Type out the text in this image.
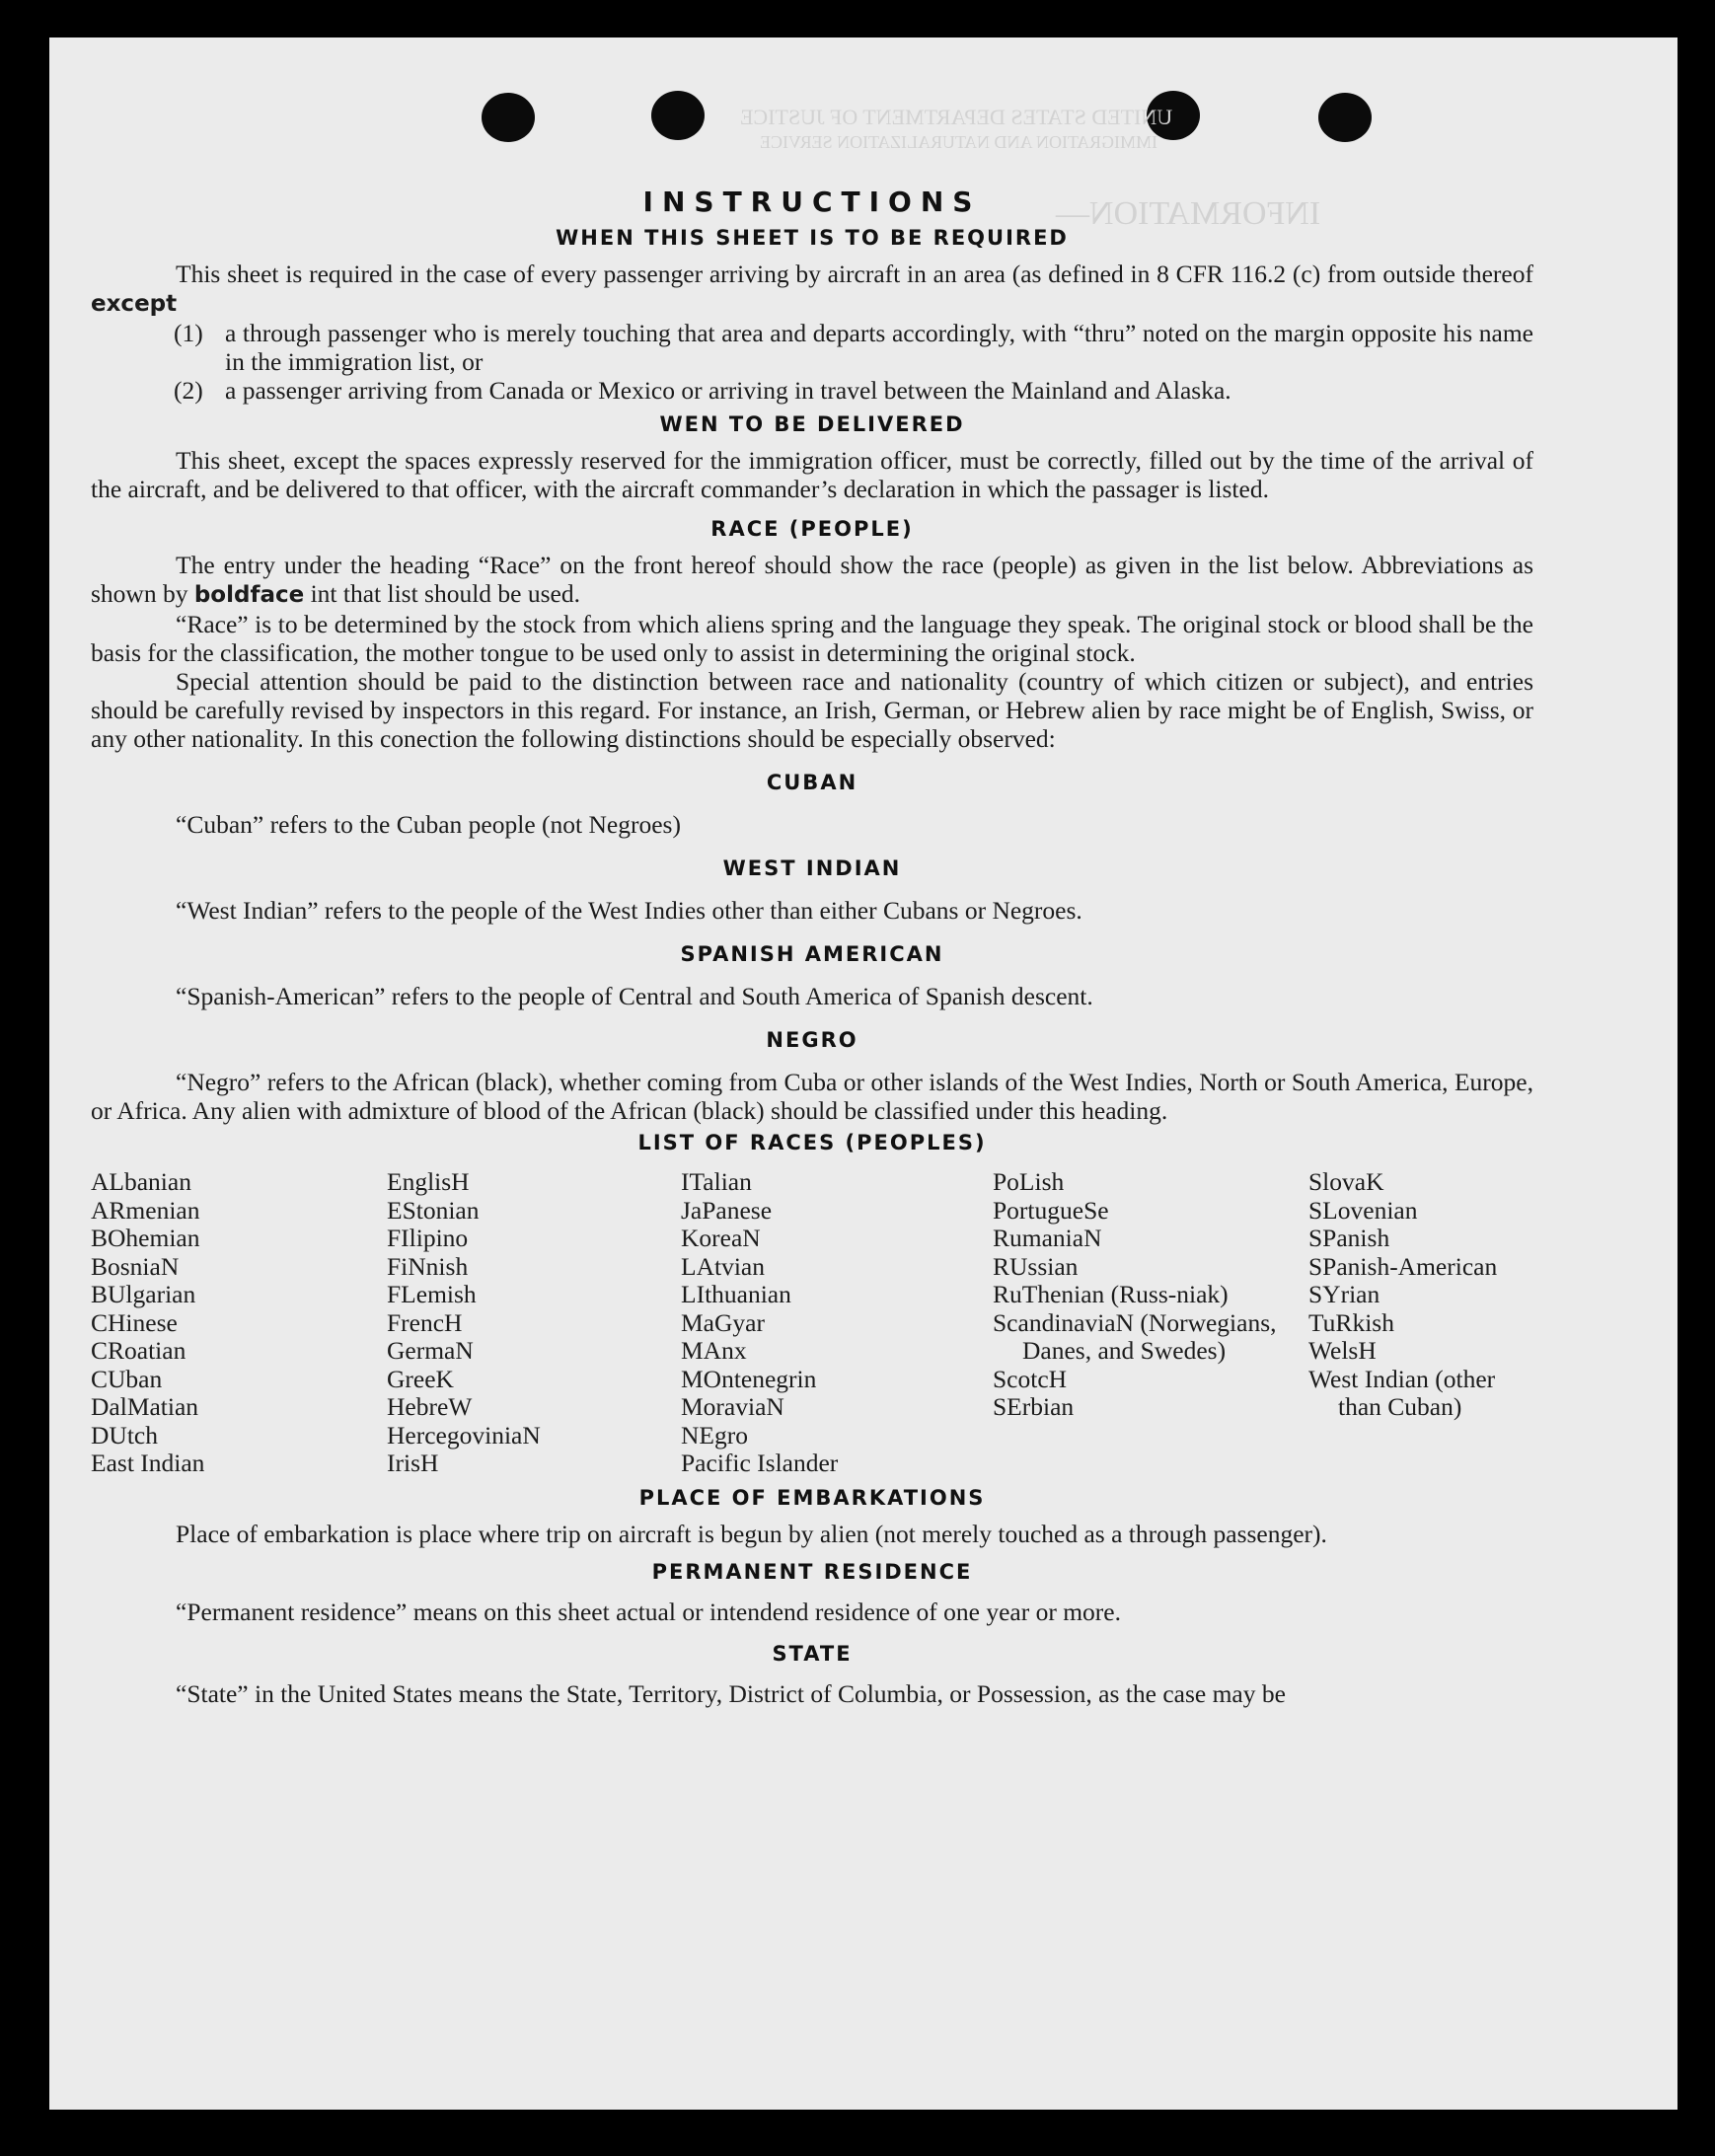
UNITED STATES DEPARTMENT OF JUSTICE
IMMIGRATION AND NATURALIZATION SERVICE
INFORMATION—
INSTRUCTIONS
WHEN THIS SHEET IS TO BE REQUIRED

This sheet is required in the case of every passenger arriving by aircraft in an area (as defined in 8 CFR 116.2 (c) from outside thereof except

(1) a through passenger who is merely touching that area and departs accordingly, with “thru” noted on the margin opposite his name in the immigration list, or
(2) a passenger arriving from Canada or Mexico or arriving in travel between the Mainland and Alaska.
WEN TO BE DELIVERED

This sheet, except the spaces expressly reserved for the immigration officer, must be correctly, filled out by the time of the arrival of the aircraft, and be delivered to that officer, with the aircraft commander’s declaration in which the passager is listed.

RACE (PEOPLE)

The entry under the heading “Race” on the front hereof should show the race (people) as given in the list below. Abbreviations as shown by boldface int that list should be used.

“Race” is to be determined by the stock from which aliens spring and the language they speak. The original stock or blood shall be the basis for the classification, the mother tongue to be used only to assist in determining the original stock.

Special attention should be paid to the distinction between race and nationality (country of which citizen or subject), and entries should be carefully revised by inspectors in this regard. For instance, an Irish, German, or Hebrew alien by race might be of English, Swiss, or any other nationality. In this conection the following distinctions should be especially observed:

CUBAN

“Cuban” refers to the Cuban people (not Negroes)

WEST INDIAN

“West Indian” refers to the people of the West Indies other than either Cubans or Negroes.

SPANISH AMERICAN

“Spanish-American” refers to the people of Central and South America of Spanish descent.

NEGRO

“Negro” refers to the African (black), whether coming from Cuba or other islands of the West Indies, North or South America, Europe, or Africa. Any alien with admixture of blood of the African (black) should be classified under this heading.

LIST OF RACES (PEOPLES)
ALbanian
ARmenian
BOhemian
BosniaN
BUlgarian
CHinese
CRoatian
CUban
DalMatian
DUtch
East Indian
EnglisH
EStonian
FIlipino
FiNnish
FLemish
FrencH
GermaN
GreeK
HebreW
HercegoviniaN
IrisH
ITalian
JaPanese
KoreaN
LAtvian
LIthuanian
MaGyar
MAnx
MOntenegrin
MoraviaN
NEgro
Pacific Islander
PoLish
PortugueSe
RumaniaN
RUssian
RuThenian (Russ-niak)
ScandinaviaN (Norwegians, Danes, and Swedes)
ScotcH
SErbian
SlovaK
SLovenian
SPanish
SPanish-American
SYrian
TuRkish
WelsH
West Indian (other than Cuban)
PLACE OF EMBARKATIONS

Place of embarkation is place where trip on aircraft is begun by alien (not merely touched as a through passenger).

PERMANENT RESIDENCE

“Permanent residence” means on this sheet actual or intendend residence of one year or more.

STATE

“State” in the United States means the State, Territory, District of Columbia, or Possession, as the case may be
